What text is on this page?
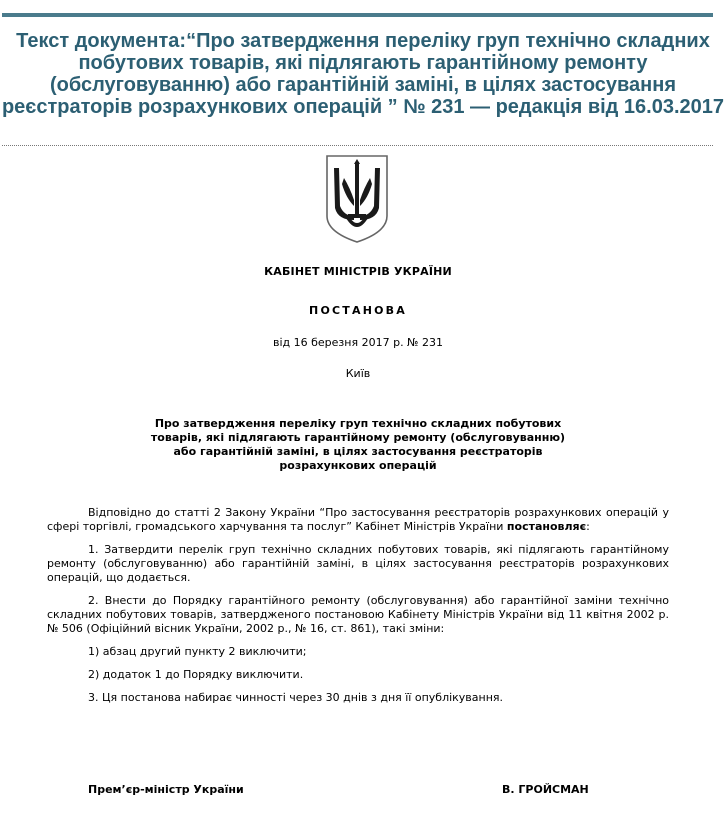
Текст документа:“Про затвердження переліку груп технічно складних побутових товарів, які підлягають гарантійному ремонту (обслуговуванню) або гарантійній заміні, в цілях застосування реєстраторів розрахункових операцій ” № 231 — редакція від 16.03.2017
КАБІНЕТ МІНІСТРІВ УКРАЇНИ
ПОСТАНОВА
від 16 березня 2017 р. № 231
Київ
Про затвердження переліку груп технічно складних побутових
товарів, які підлягають гарантійному ремонту (обслуговуванню)
або гарантійній заміні, в цілях застосування реєстраторів
розрахункових операцій

Відповідно до статті 2 Закону України “Про застосування реєстраторів розрахункових операцій у сфері торгівлі, громадського харчування та послуг” Кабінет Міністрів України постановляє:

1. Затвердити перелік груп технічно складних побутових товарів, які підлягають гарантійному ремонту (обслуговуванню) або гарантійній заміні, в цілях застосування реєстраторів розрахункових операцій, що додається.

2. Внести до Порядку гарантійного ремонту (обслуговування) або гарантійної заміни технічно складних побутових товарів, затвердженого постановою Кабінету Міністрів України від 11 квітня 2002 р. № 506 (Офіційний вісник України, 2002 р., № 16, ст. 861), такі зміни:

1) абзац другий пункту 2 виключити;

2) додаток 1 до Порядку виключити.

3. Ця постанова набирає чинності через 30 днів з дня її опублікування.

Прем’єр-міністр України	В. ГРОЙСМАН
